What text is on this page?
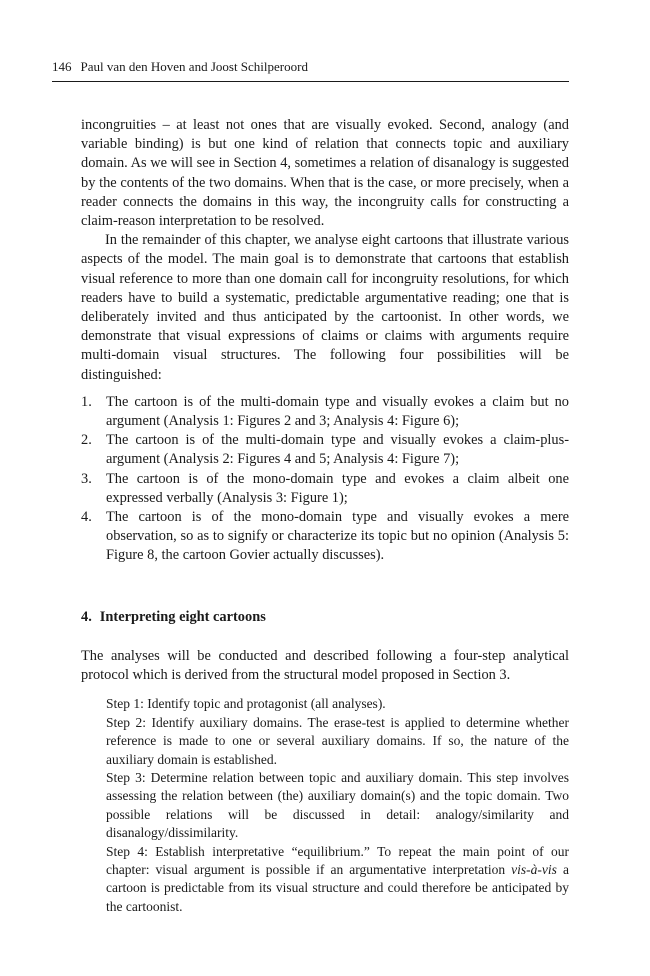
146 Paul van den Hoven and Joost Schilperoord

incongruities – at least not ones that are visually evoked. Second, analogy (and variable binding) is but one kind of relation that connects topic and auxiliary domain. As we will see in Section 4, sometimes a relation of disanalogy is suggested by the contents of the two domains. When that is the case, or more precisely, when a reader connects the domains in this way, the incongruity calls for constructing a claim-reason interpretation to be resolved.

In the remainder of this chapter, we analyse eight cartoons that illustrate various aspects of the model. The main goal is to demonstrate that cartoons that establish visual reference to more than one domain call for incongruity resolutions, for which readers have to build a systematic, predictable argumentative reading; one that is deliberately invited and thus anticipated by the cartoonist. In other words, we demonstrate that visual expressions of claims or claims with arguments require multi-domain visual structures. The following four possibilities will be distinguished:

1. The cartoon is of the multi-domain type and visually evokes a claim but no argument (Analysis 1: Figures 2 and 3; Analysis 4: Figure 6);
2. The cartoon is of the multi-domain type and visually evokes a claim-plus-argument (Analysis 2: Figures 4 and 5; Analysis 4: Figure 7);
3. The cartoon is of the mono-domain type and evokes a claim albeit one expressed verbally (Analysis 3: Figure 1);
4. The cartoon is of the mono-domain type and visually evokes a mere observation, so as to signify or characterize its topic but no opinion (Analysis 5: Figure 8, the cartoon Govier actually discusses).
4. Interpreting eight cartoons

The analyses will be conducted and described following a four-step analytical protocol which is derived from the structural model proposed in Section 3.

Step 1: Identify topic and protagonist (all analyses).

Step 2: Identify auxiliary domains. The erase-test is applied to determine whether reference is made to one or several auxiliary domains. If so, the nature of the auxiliary domain is established.

Step 3: Determine relation between topic and auxiliary domain. This step involves assessing the relation between (the) auxiliary domain(s) and the topic domain. Two possible relations will be discussed in detail: analogy/similarity and disanalogy/dissimilarity.

Step 4: Establish interpretative “equilibrium.” To repeat the main point of our chapter: visual argument is possible if an argumentative interpretation vis-à-vis a cartoon is predictable from its visual structure and could therefore be anticipated by the cartoonist.
